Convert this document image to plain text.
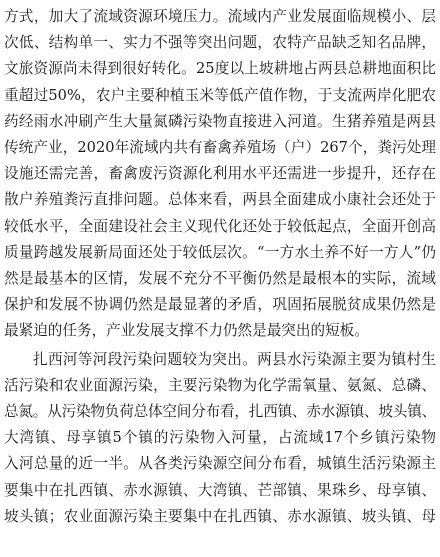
方式，加大了流域资源环境压力。流域内产业发展面临规模小、层
次低、结构单一、实力不强等突出问题，农特产品缺乏知名品牌，
文旅资源尚未得到很好转化。25度以上坡耕地占两县总耕地面积比
重超过50%，农户主要种植玉米等低产值作物，于支流两岸化肥农
药经雨水冲刷产生大量氮磷污染物直接进入河道。生猪养殖是两县
传统产业，2020年流域内共有畜禽养殖场（户）267个，粪污处理
设施还需完善，畜禽废污资源化利用水平还需进一步提升，还存在
散户养殖粪污直排问题。总体来看，两县全面建成小康社会还处于
较低水平，全面建设社会主义现代化还处于较低起点，全面开创高
质量跨越发展新局面还处于较低层次。“一方水土养不好一方人”仍
然是最基本的区情，发展不充分不平衡仍然是最根本的实际，流域
保护和发展不协调仍然是最显著的矛盾，巩固拓展脱贫成果仍然是
最紧迫的任务，产业发展支撑不力仍然是最突出的短板。
扎西河等河段污染问题较为突出。两县水污染源主要为镇村生
活污染和农业面源污染，主要污染物为化学需氧量、氨氮、总磷、
总氮。从污染物负荷总体空间分布看，扎西镇、赤水源镇、坡头镇、
大湾镇、母享镇5个镇的污染物入河量，占流域17个乡镇污染物
入河总量的近一半。从各类污染源空间分布看，城镇生活污染源主
要集中在扎西镇、赤水源镇、大湾镇、芒部镇、果珠乡、母享镇、
坡头镇；农业面源污染主要集中在扎西镇、赤水源镇、坡头镇、母
